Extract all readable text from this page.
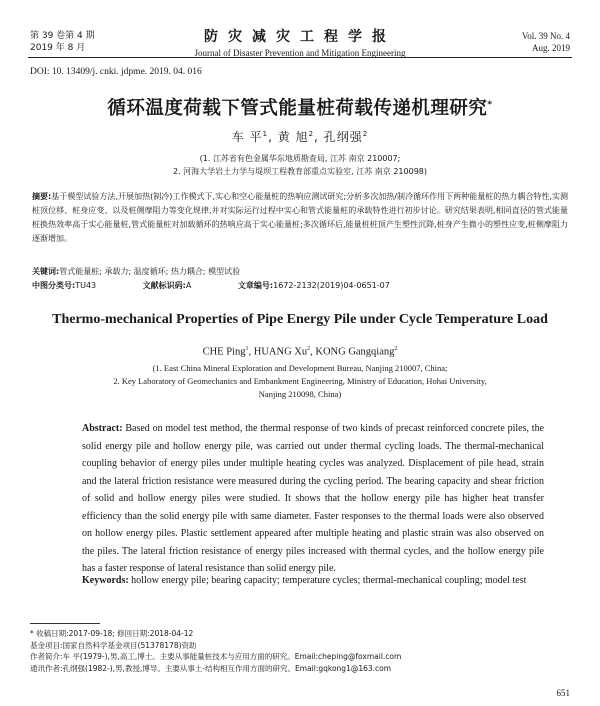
第 39 卷第 4 期
2019 年 8 月
防灾减灾工程学报
Journal of Disaster Prevention and Mitigation Engineering
Vol. 39 No. 4
Aug. 2019
DOI: 10. 13409/j. cnki. jdpme. 2019. 04. 016
循环温度荷载下管式能量桩荷载传递机理研究*
车 平$^1$, 黄 旭$^2$, 孔纲强$^2$
(1. 江苏省有色金属华东地质勘查局, 江苏 南京 210007;
2. 河海大学岩土力学与堤坝工程教育部重点实验室, 江苏 南京 210098)
摘要:基于模型试验方法,开展加热(制冷)工作模式下,实心和空心能量桩的热响应测试研究;分析多次加热/制冷循环作用下两种能量桩的热力耦合特性,实测桩顶位移、桩身应变、以及桩侧摩阻力等变化规律,并对实际运行过程中实心和管式能量桩的承载特性进行初步讨论。研究结果表明,相同直径的管式能量桩换热效率高于实心能量桩,管式能量桩对加载循环的热响应高于实心能量桩;多次循环后,能量桩桩顶产生塑性沉降,桩身产生微小的塑性应变,桩侧摩阻力逐渐增加。
关键词:管式能量桩; 承载力; 温度循环; 热力耦合; 模型试验
中图分类号:TU43	文献标识码:A	文章编号:1672-2132(2019)04-0651-07
Thermo-mechanical Properties of Pipe Energy Pile under Cycle Temperature Load
CHE Ping$^1$, HUANG Xu$^2$, KONG Gangqiang$^2$
(1. East China Mineral Exploration and Development Bureau, Nanjing 210007, China;
2. Key Laboratory of Geomechanics and Embankment Engineering, Ministry of Education, Hohai University,
Nanjing 210098, China)
Abstract: Based on model test method, the thermal response of two kinds of precast reinforced concrete piles, the solid energy pile and hollow energy pile, was carried out under thermal cycling loads. The thermal-mechanical coupling behavior of energy piles under multiple heating cycles was analyzed. Displacement of pile head, strain and the lateral friction resistance were measured during the cycling period. The bearing capacity and shear friction of solid and hollow energy piles were studied. It shows that the hollow energy pile has higher heat transfer efficiency than the solid energy pile with same diameter. Faster responses to the thermal loads were also observed on hollow energy piles. Plastic settlement appeared after multiple heating and plastic strain was also observed on the piles. The lateral friction resistance of energy piles increased with thermal cycles, and the hollow energy pile has a faster response of lateral resistance than solid energy pile.
Keywords: hollow energy pile; bearing capacity; temperature cycles; thermal-mechanical coupling; model test
* 收稿日期:2017-09-18; 修回日期:2018-04-12
基金项目:国家自然科学基金项目(51378178)资助
作者简介:车 平(1979-),男,高工,博士。主要从事能量桩技术与应用方面的研究。Email:cheping@foxmail.com
通讯作者:孔纲强(1982-),男,教授,博导。主要从事土-结构相互作用方面的研究。Email:gqkong1@163.com
651
